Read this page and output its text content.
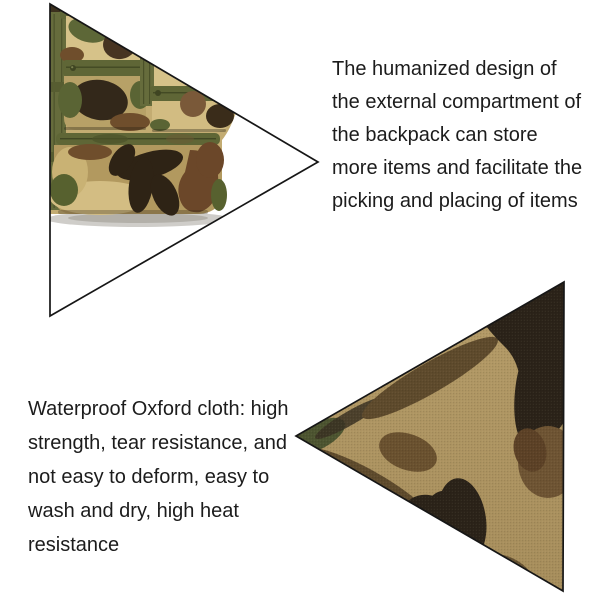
The humanized design of
the external compartment of
the backpack can store
more items and facilitate the
picking and placing of items
Waterproof Oxford cloth: high
strength, tear resistance, and
not easy to deform, easy to
wash and dry, high heat
resistance
